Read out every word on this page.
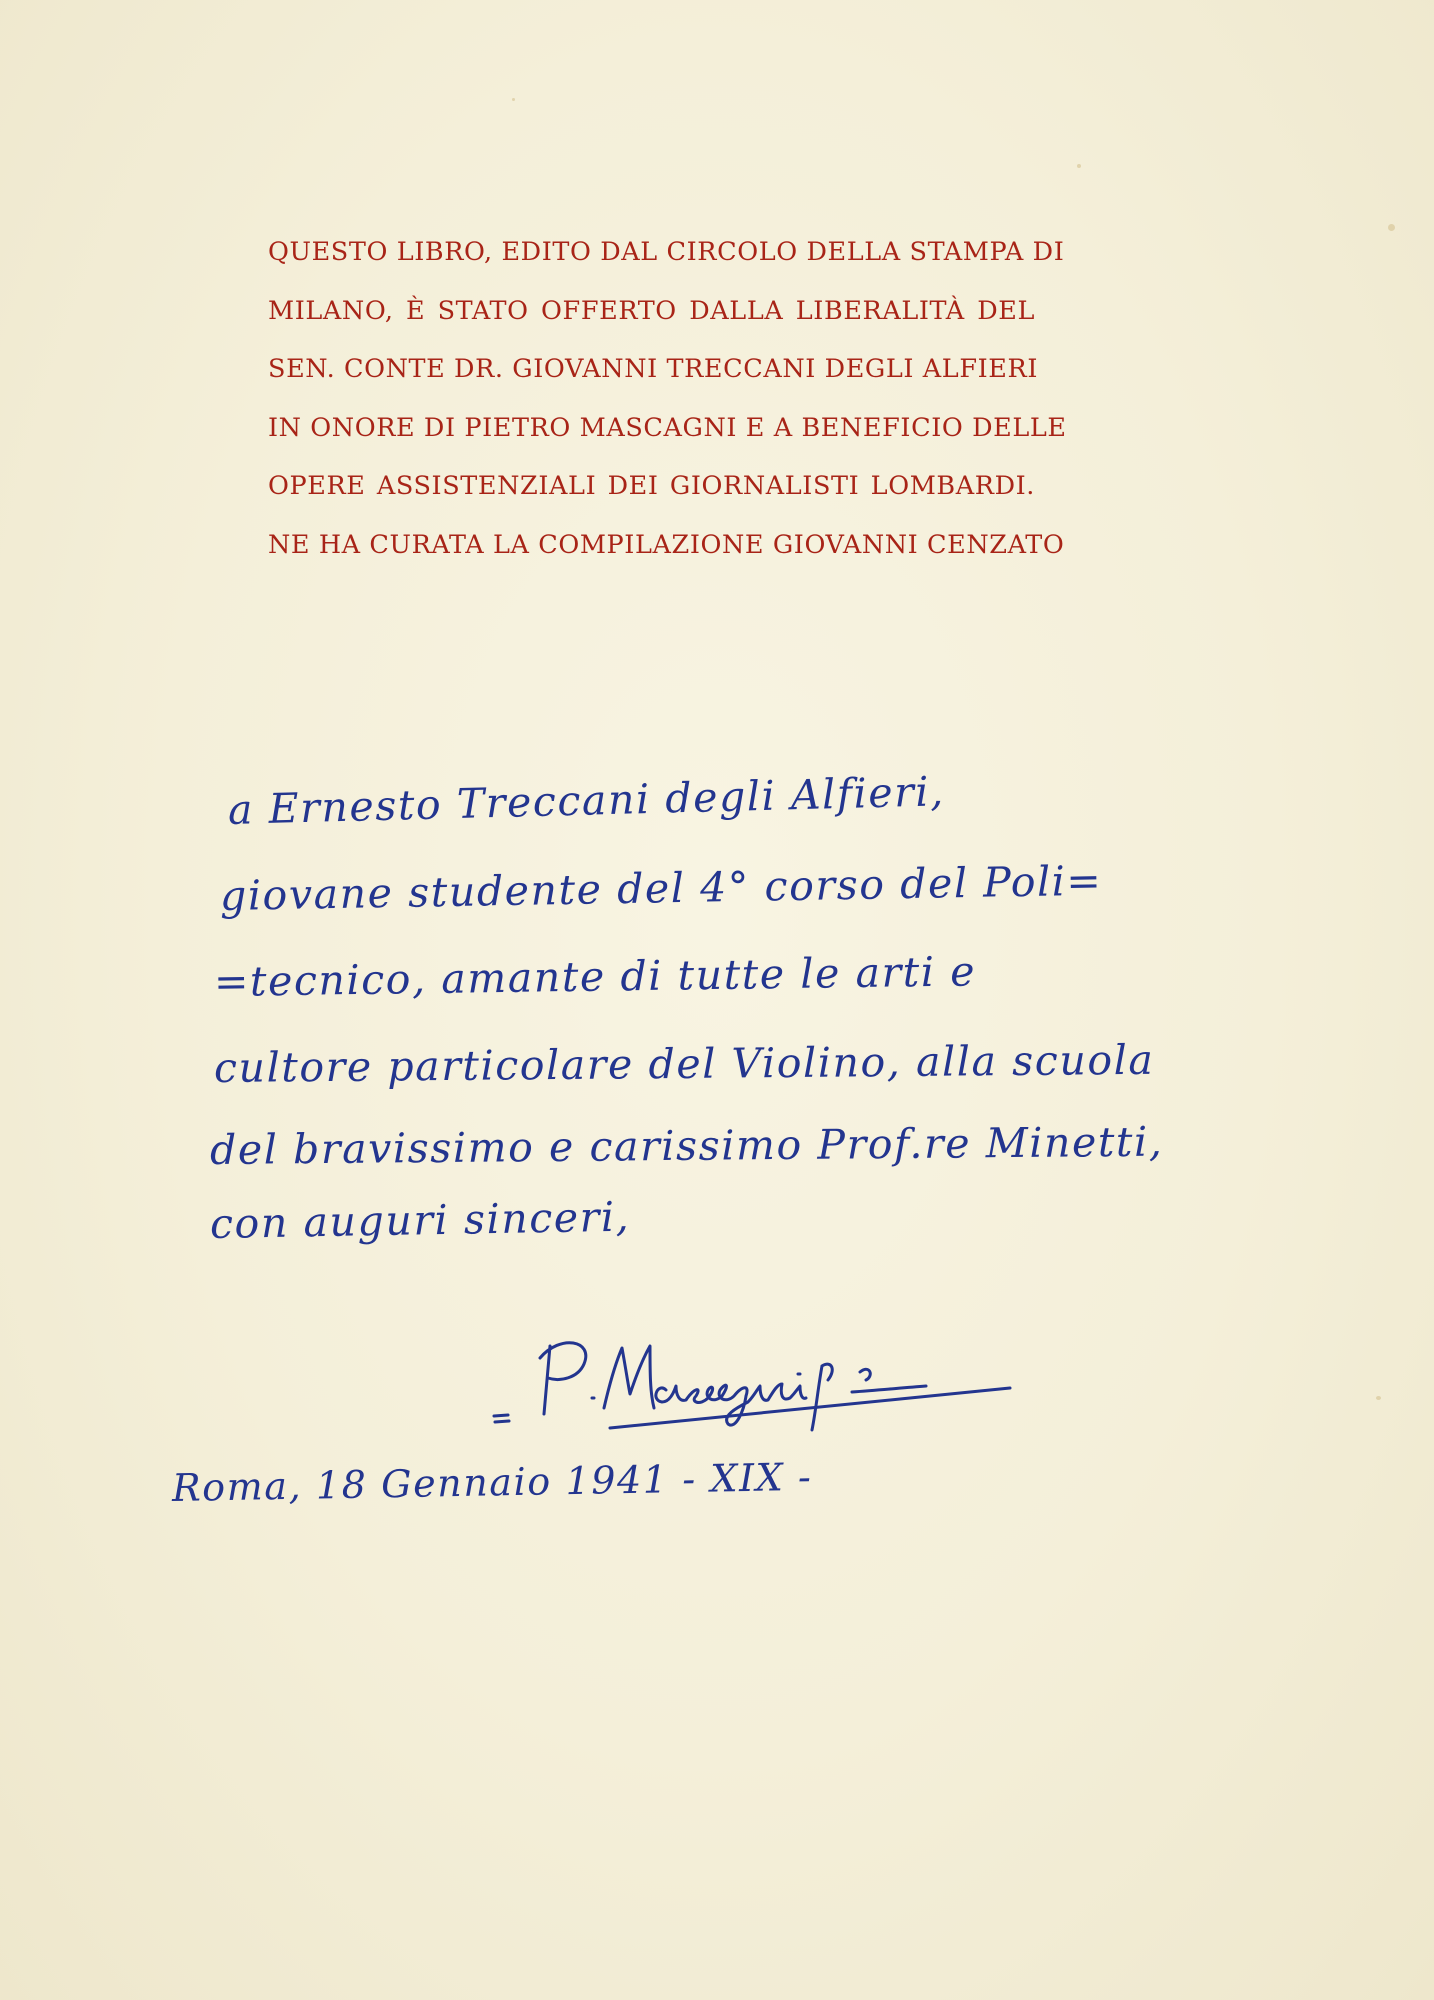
QUESTO LIBRO, EDITO DAL CIRCOLO DELLA STAMPA DI
MILANO, È STATO OFFERTO DALLA LIBERALITÀ DEL
SEN. CONTE DR. GIOVANNI TRECCANI DEGLI ALFIERI
IN ONORE DI PIETRO MASCAGNI E A BENEFICIO DELLE
OPERE ASSISTENZIALI DEI GIORNALISTI LOMBARDI.
NE HA CURATA LA COMPILAZIONE GIOVANNI CENZATO
a Ernesto Treccani degli Alfieri,
giovane studente del 4° corso del Poli=
=tecnico, amante di tutte le arti e
cultore particolare del Violino, alla scuola
del bravissimo e carissimo Prof.re Minetti,
con auguri sinceri,
Roma, 18 Gennaio 1941 - XIX -
